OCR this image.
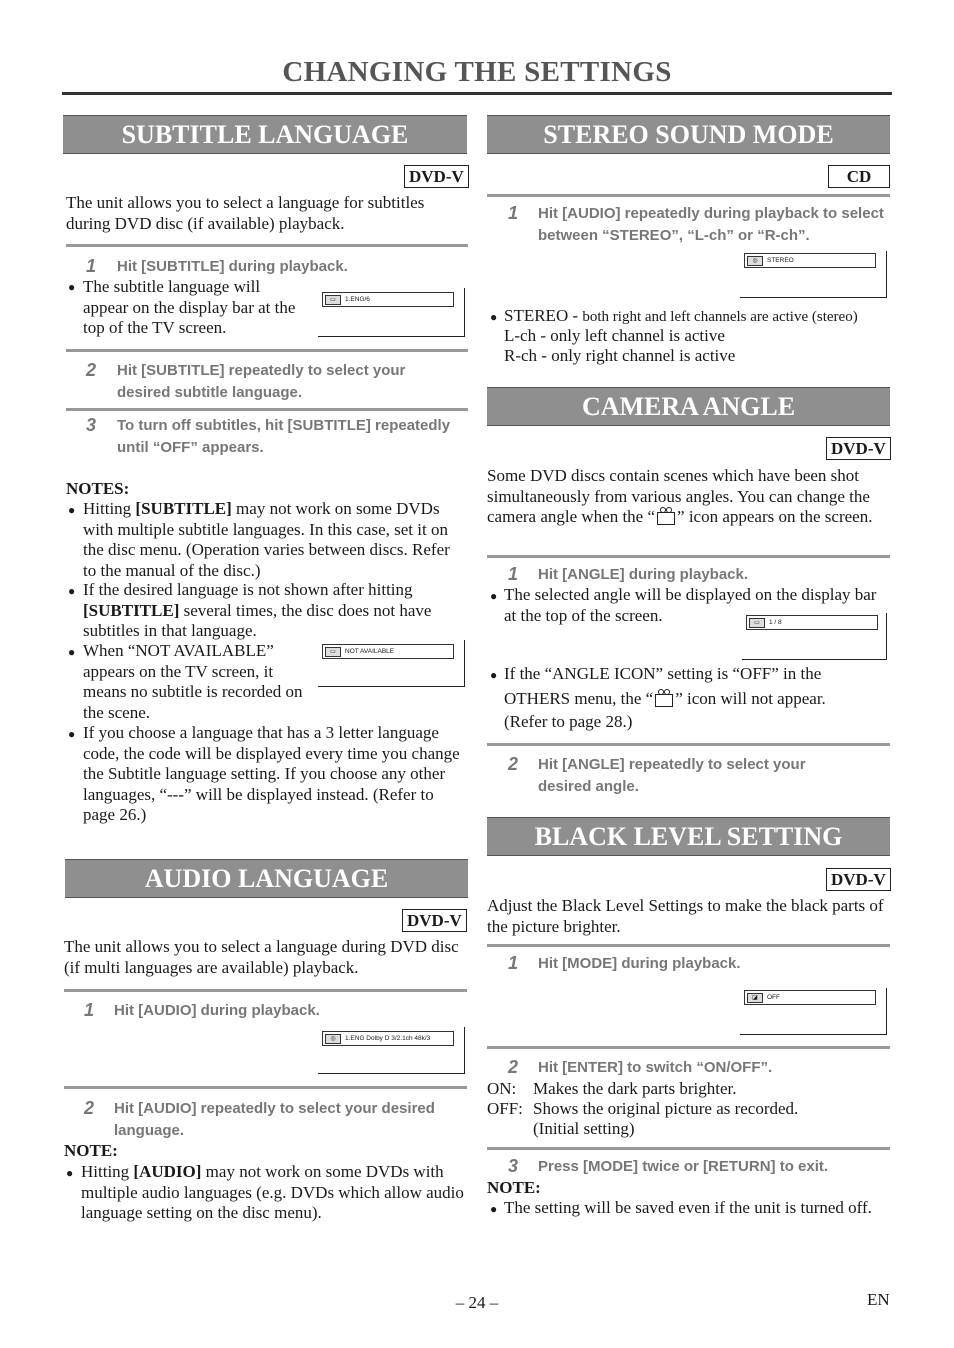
CHANGING THE SETTINGS
SUBTITLE LANGUAGE
DVD-V
The unit allows you to select a language for subtitles during DVD disc (if available) playback.
1 Hit [SUBTITLE] during playback.
● The subtitle language will appear on the display bar at the top of the TV screen.
▭	1.ENG/6
2 Hit [SUBTITLE] repeatedly to select your desired subtitle language.
3 To turn off subtitles, hit [SUBTITLE] repeatedly until “OFF” appears.
NOTES:
● Hitting [SUBTITLE] may not work on some DVDs with multiple subtitle languages. In this case, set it on the disc menu. (Operation varies between discs. Refer to the manual of the disc.)
● If the desired language is not shown after hitting [SUBTITLE] several times, the disc does not have subtitles in that language.
● When “NOT AVAILABLE” appears on the TV screen, it means no subtitle is recorded on the scene.
▭	NOT AVAILABLE
● If you choose a language that has a 3 letter language code, the code will be displayed every time you change the Subtitle language setting. If you choose any other languages, “---” will be displayed instead. (Refer to page 26.)
AUDIO LANGUAGE
DVD-V
The unit allows you to select a language during DVD disc (if multi languages are available) playback.
1 Hit [AUDIO] during playback.
◎	1.ENG Dolby D 3/2.1ch 48k/3
2 Hit [AUDIO] repeatedly to select your desired language.
NOTE:
● Hitting [AUDIO] may not work on some DVDs with multiple audio languages (e.g. DVDs which allow audio language setting on the disc menu).
STEREO SOUND MODE
CD
1 Hit [AUDIO] repeatedly during playback to select between “STEREO”, “L-ch” or “R-ch”.
◎	STEREO
● STEREO - both right and left channels are active (stereo)
L-ch - only left channel is active
R-ch - only right channel is active
CAMERA ANGLE
DVD-V
Some DVD discs contain scenes which have been shot simultaneously from various angles. You can change the camera angle when the “ ” icon appears on the screen.
1 Hit [ANGLE] during playback.
● The selected angle will be displayed on the display bar at the top of the screen.	▭	1 / 8
● If the “ANGLE ICON” setting is “OFF” in the
OTHERS menu, the “ ” icon will not appear.
(Refer to page 28.)
2 Hit [ANGLE] repeatedly to select your desired angle.
BLACK LEVEL SETTING
DVD-V
Adjust the Black Level Settings to make the black parts of the picture brighter.
1 Hit [MODE] during playback.
◪	OFF
2 Hit [ENTER] to switch “ON/OFF”.
ON: Makes the dark parts brighter.
OFF: Shows the original picture as recorded.
(Initial setting)
3 Press [MODE] twice or [RETURN] to exit.
NOTE:
● The setting will be saved even if the unit is turned off.
– 24 –	EN
